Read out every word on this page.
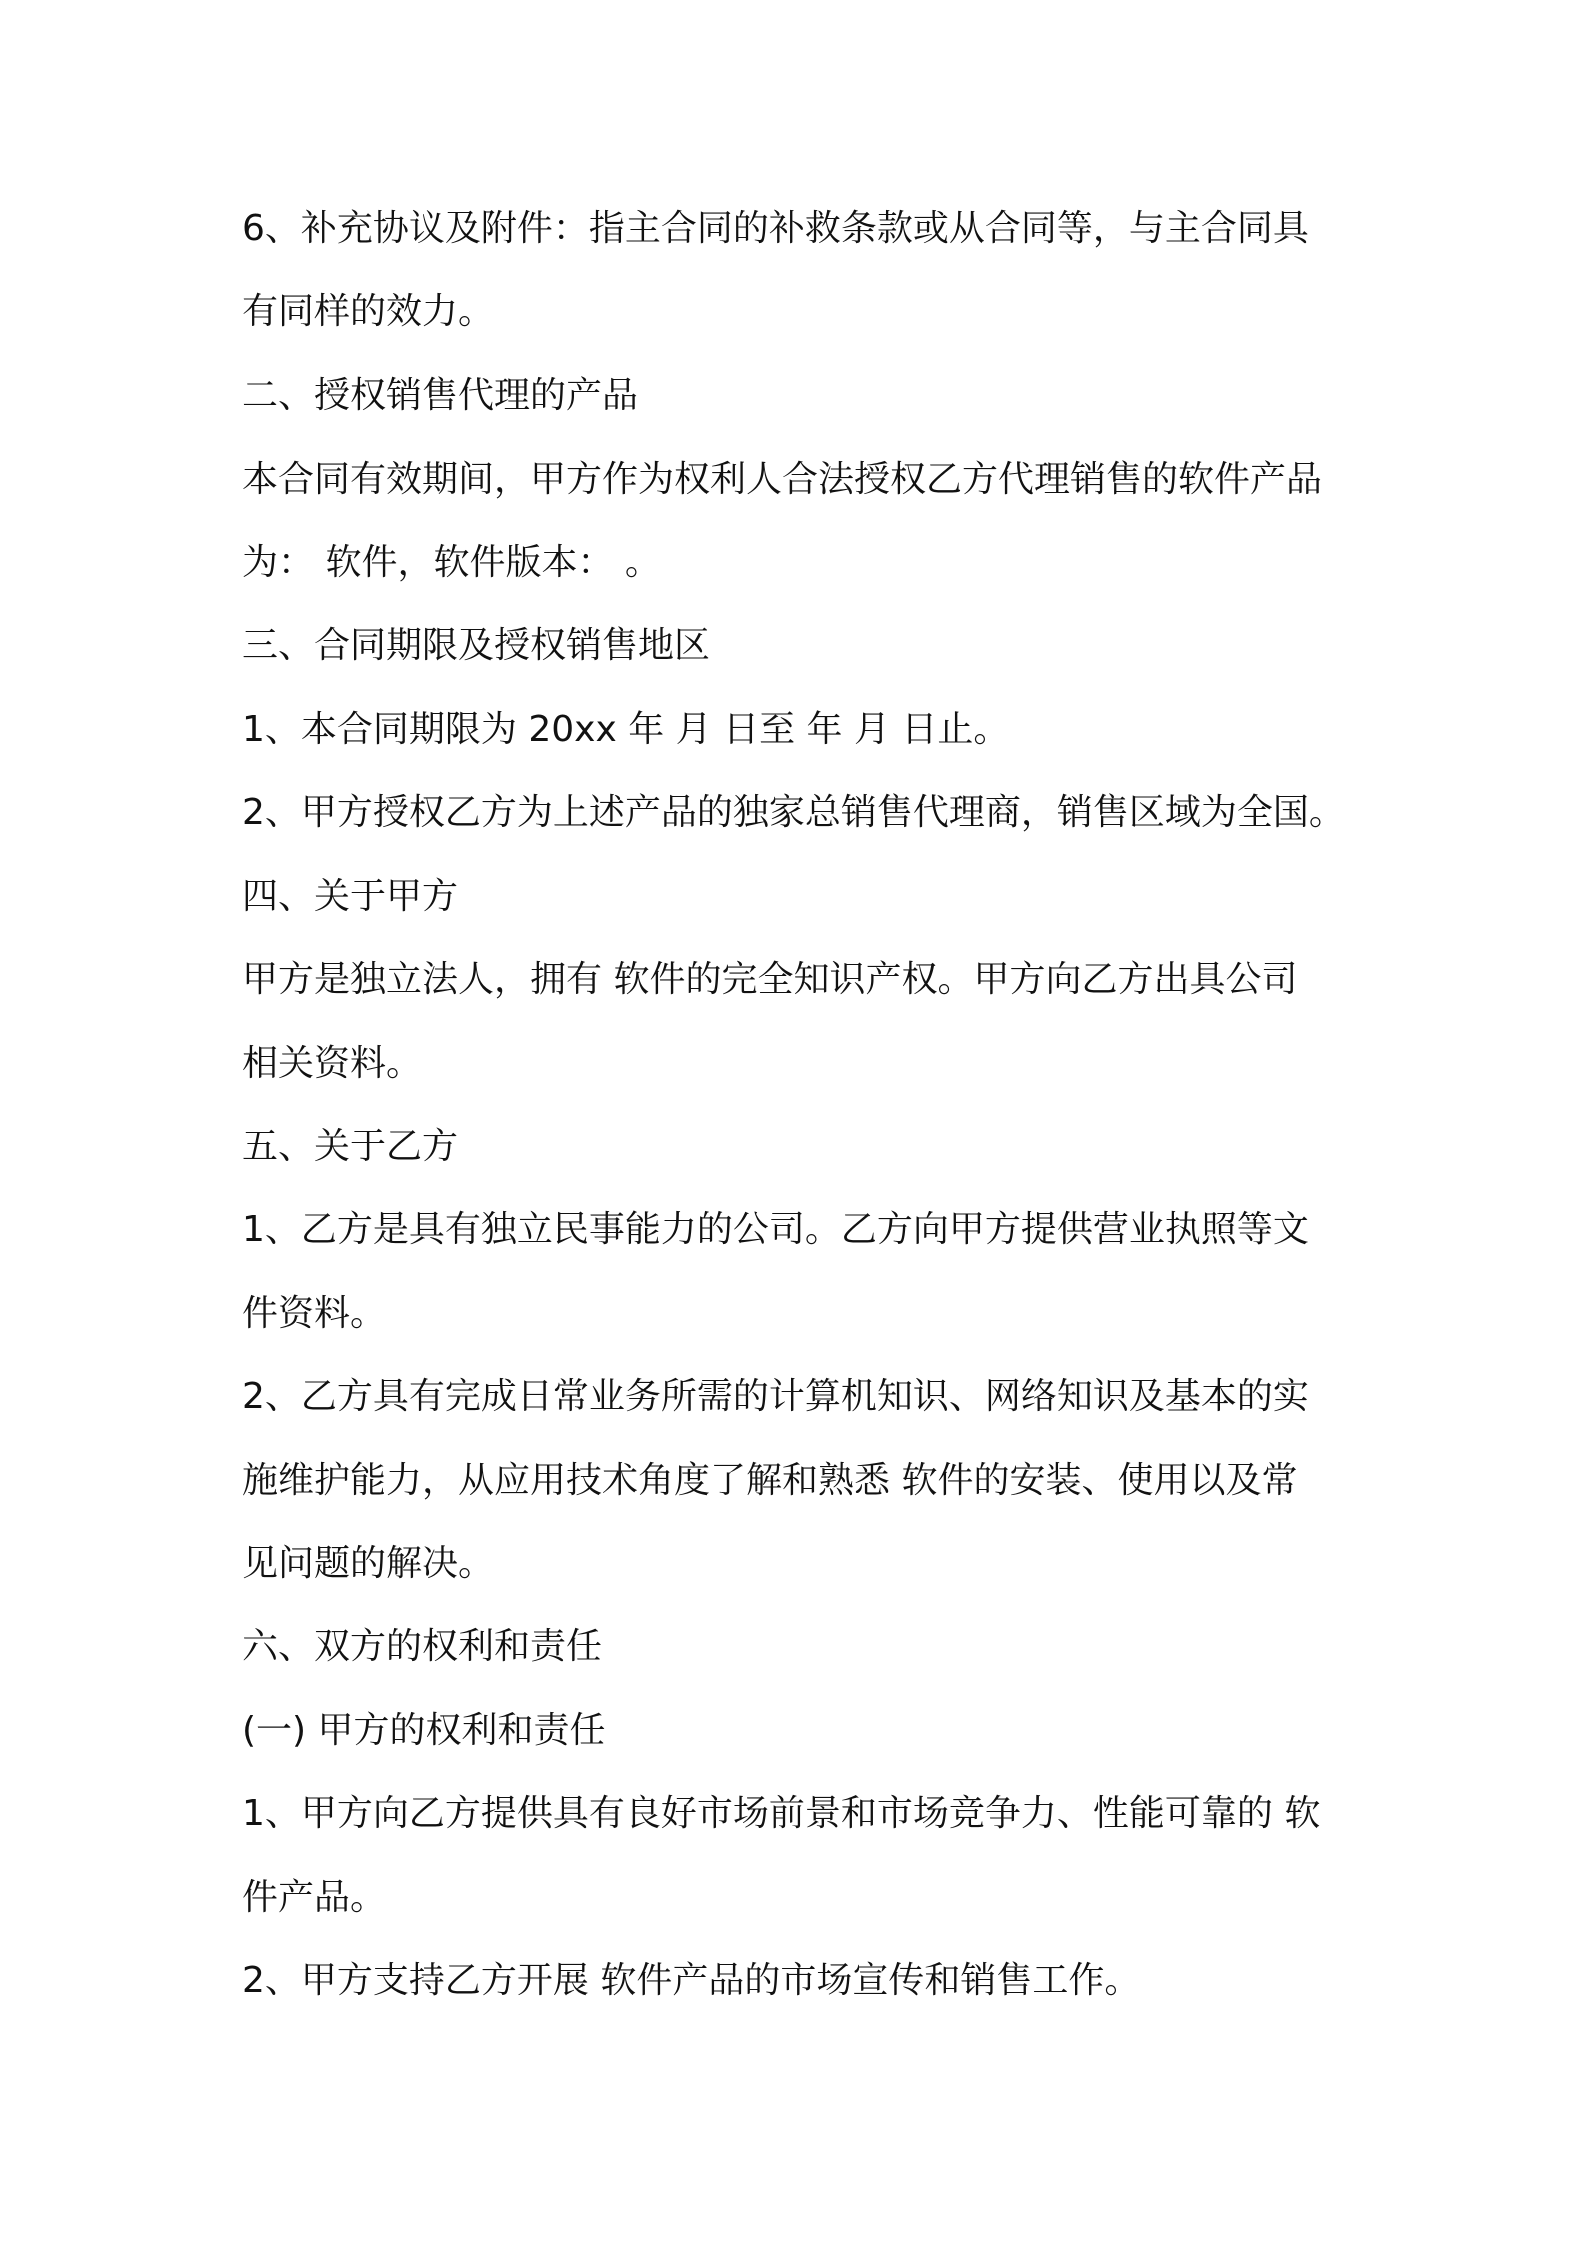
6、补充协议及附件：指主合同的补救条款或从合同等，与主合同具

有同样的效力。

二、授权销售代理的产品

本合同有效期间，甲方作为权利人合法授权乙方代理销售的软件产品

为： 软件，软件版本： 。

三、合同期限及授权销售地区

1、本合同期限为 20xx 年 月 日至 年 月 日止。

2、甲方授权乙方为上述产品的独家总销售代理商，销售区域为全国。

四、关于甲方

甲方是独立法人，拥有 软件的完全知识产权。甲方向乙方出具公司

相关资料。

五、关于乙方

1、乙方是具有独立民事能力的公司。乙方向甲方提供营业执照等文

件资料。

2、乙方具有完成日常业务所需的计算机知识、网络知识及基本的实

施维护能力，从应用技术角度了解和熟悉 软件的安装、使用以及常

见问题的解决。

六、双方的权利和责任

(一) 甲方的权利和责任

1、甲方向乙方提供具有良好市场前景和市场竞争力、性能可靠的 软

件产品。

2、甲方支持乙方开展 软件产品的市场宣传和销售工作。
